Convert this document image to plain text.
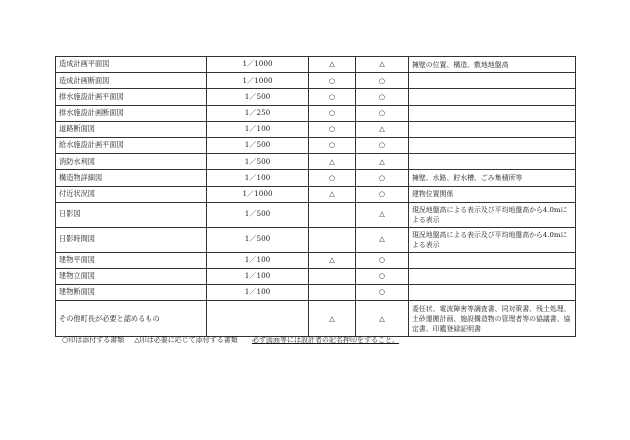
造成計画平面図	1／1000	△	△	擁壁の位置、構造、敷地地盤高
造成計画断面図	1／1000	○	○	
排水施設計画平面図	1／500	○	○	
排水施設計画断面図	1／250	○	○	
道路断面図	1／100	○	△	
給水施設計画平面図	1／500	○	○	
消防水利図	1／500	△	△	
構造物詳細図	1／100	○	○	擁壁、水路、貯水槽、ごみ集積所等
付近状況図	1／1000	△	○	建物位置関係
日影図	1／500		△	現況地盤高による表示及び平均地盤高から4.0mによる表示
日影時間図	1／500		△	現況地盤高による表示及び平均地盤高から4.0mによる表示
建物平面図	1／100	△	○	
建物立面図	1／100		○	
建物断面図	1／100		○	
その他町長が必要と認めるもの		△	△	委任状、電波障害等調査書、同対策書、残土処理、土砂運搬計画、施設構造物の管理者等の協議書、協定書、印鑑登録証明書
○印は添付する書類 △印は必要に応じて添付する書類 必ず図面等には設計者の記名押印をすること。
